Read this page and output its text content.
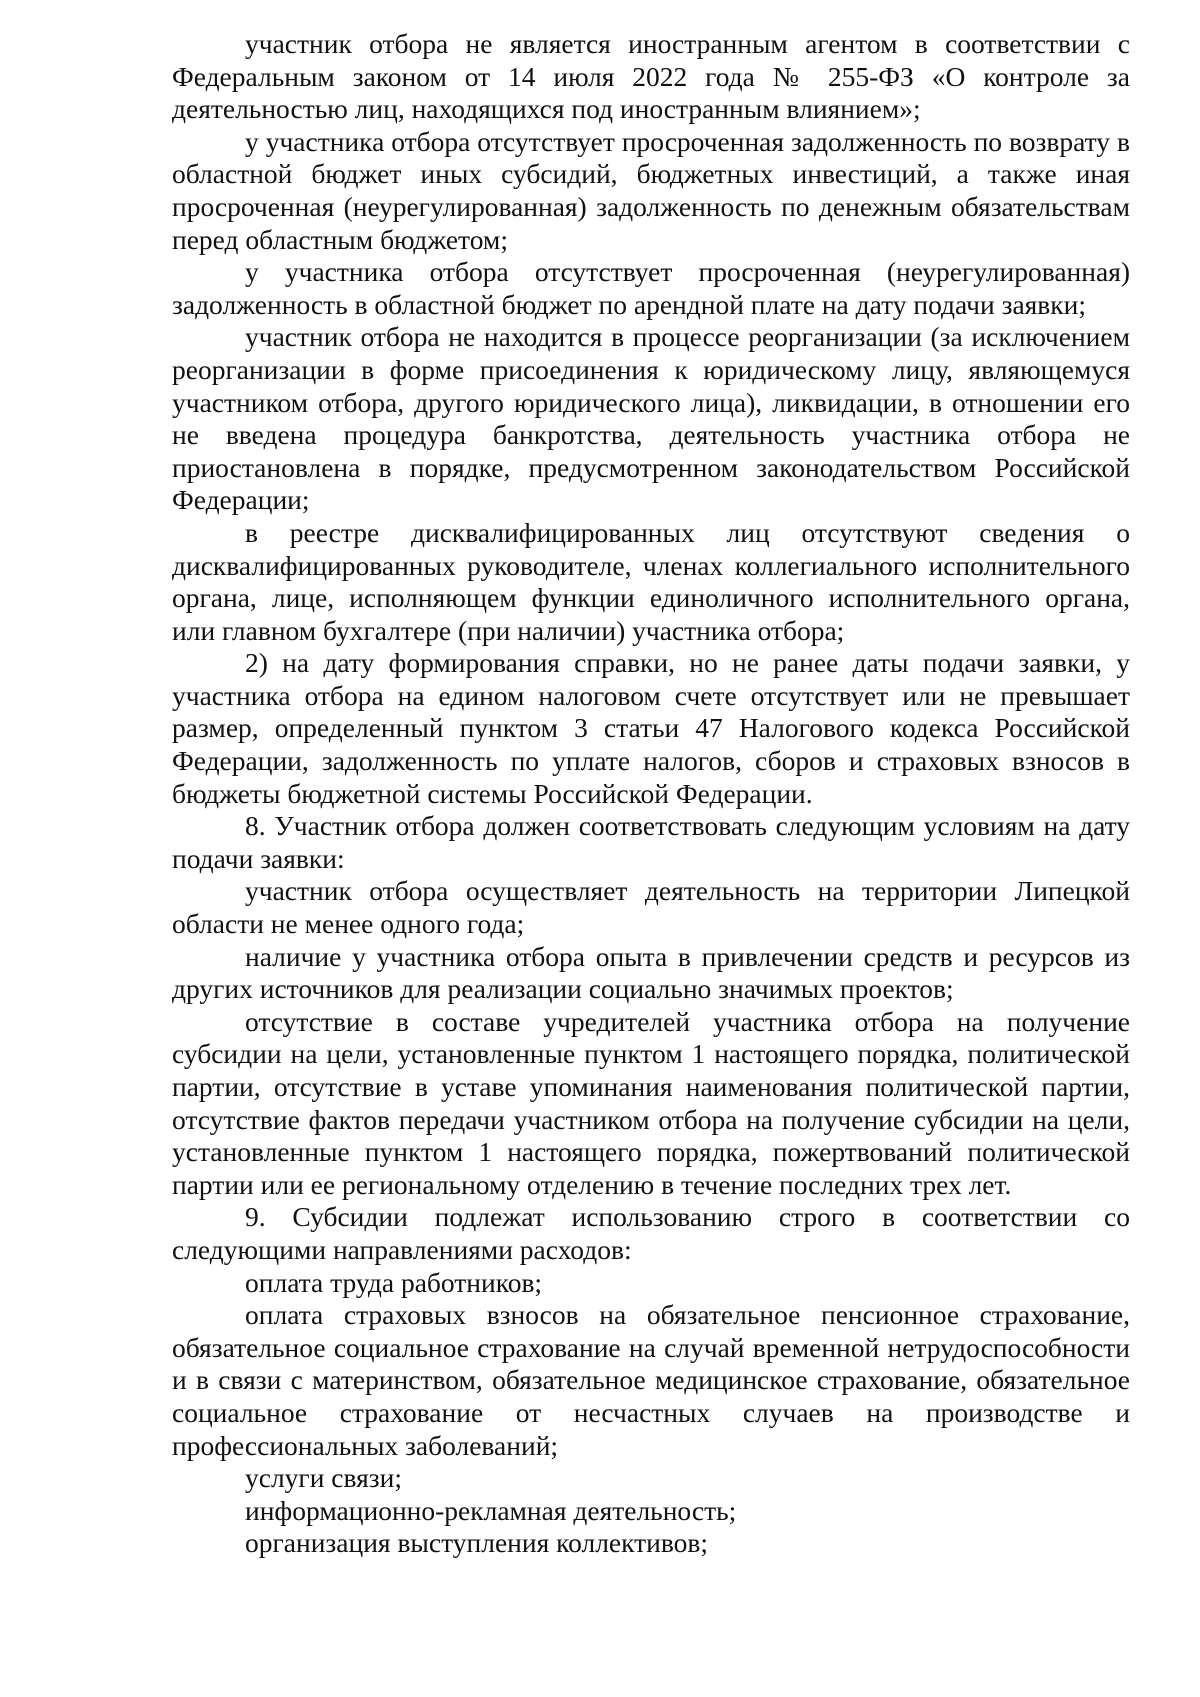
участник отбора не является иностранным агентом в соответствии с Федеральным законом от 14 июля 2022 года № 255-ФЗ «О контроле за деятельностью лиц, находящихся под иностранным влиянием»;

у участника отбора отсутствует просроченная задолженность по возврату в областной бюджет иных субсидий, бюджетных инвестиций, а также иная просроченная (неурегулированная) задолженность по денежным обязательствам перед областным бюджетом;

у участника отбора отсутствует просроченная (неурегулированная) задолженность в областной бюджет по арендной плате на дату подачи заявки;

участник отбора не находится в процессе реорганизации (за исключением реорганизации в форме присоединения к юридическому лицу, являющемуся участником отбора, другого юридического лица), ликвидации, в отношении его не введена процедура банкротства, деятельность участника отбора не приостановлена в порядке, предусмотренном законодательством Российской Федерации;

в реестре дисквалифицированных лиц отсутствуют сведения о дисквалифицированных руководителе, членах коллегиального исполнительного органа, лице, исполняющем функции единоличного исполнительного органа, или главном бухгалтере (при наличии) участника отбора;

2) на дату формирования справки, но не ранее даты подачи заявки, у участника отбора на едином налоговом счете отсутствует или не превышает размер, определенный пунктом 3 статьи 47 Налогового кодекса Российской Федерации, задолженность по уплате налогов, сборов и страховых взносов в бюджеты бюджетной системы Российской Федерации.

8. Участник отбора должен соответствовать следующим условиям на дату подачи заявки:

участник отбора осуществляет деятельность на территории Липецкой области не менее одного года;

наличие у участника отбора опыта в привлечении средств и ресурсов из других источников для реализации социально значимых проектов;

отсутствие в составе учредителей участника отбора на получение субсидии на цели, установленные пунктом 1 настоящего порядка, политической партии, отсутствие в уставе упоминания наименования политической партии, отсутствие фактов передачи участником отбора на получение субсидии на цели, установленные пунктом 1 настоящего порядка, пожертвований политической партии или ее региональному отделению в течение последних трех лет.

9. Субсидии подлежат использованию строго в соответствии со следующими направлениями расходов:

оплата труда работников;

оплата страховых взносов на обязательное пенсионное страхование, обязательное социальное страхование на случай временной нетрудоспособности и в связи с материнством, обязательное медицинское страхование, обязательное социальное страхование от несчастных случаев на производстве и профессиональных заболеваний;

услуги связи;

информационно-рекламная деятельность;

организация выступления коллективов;
